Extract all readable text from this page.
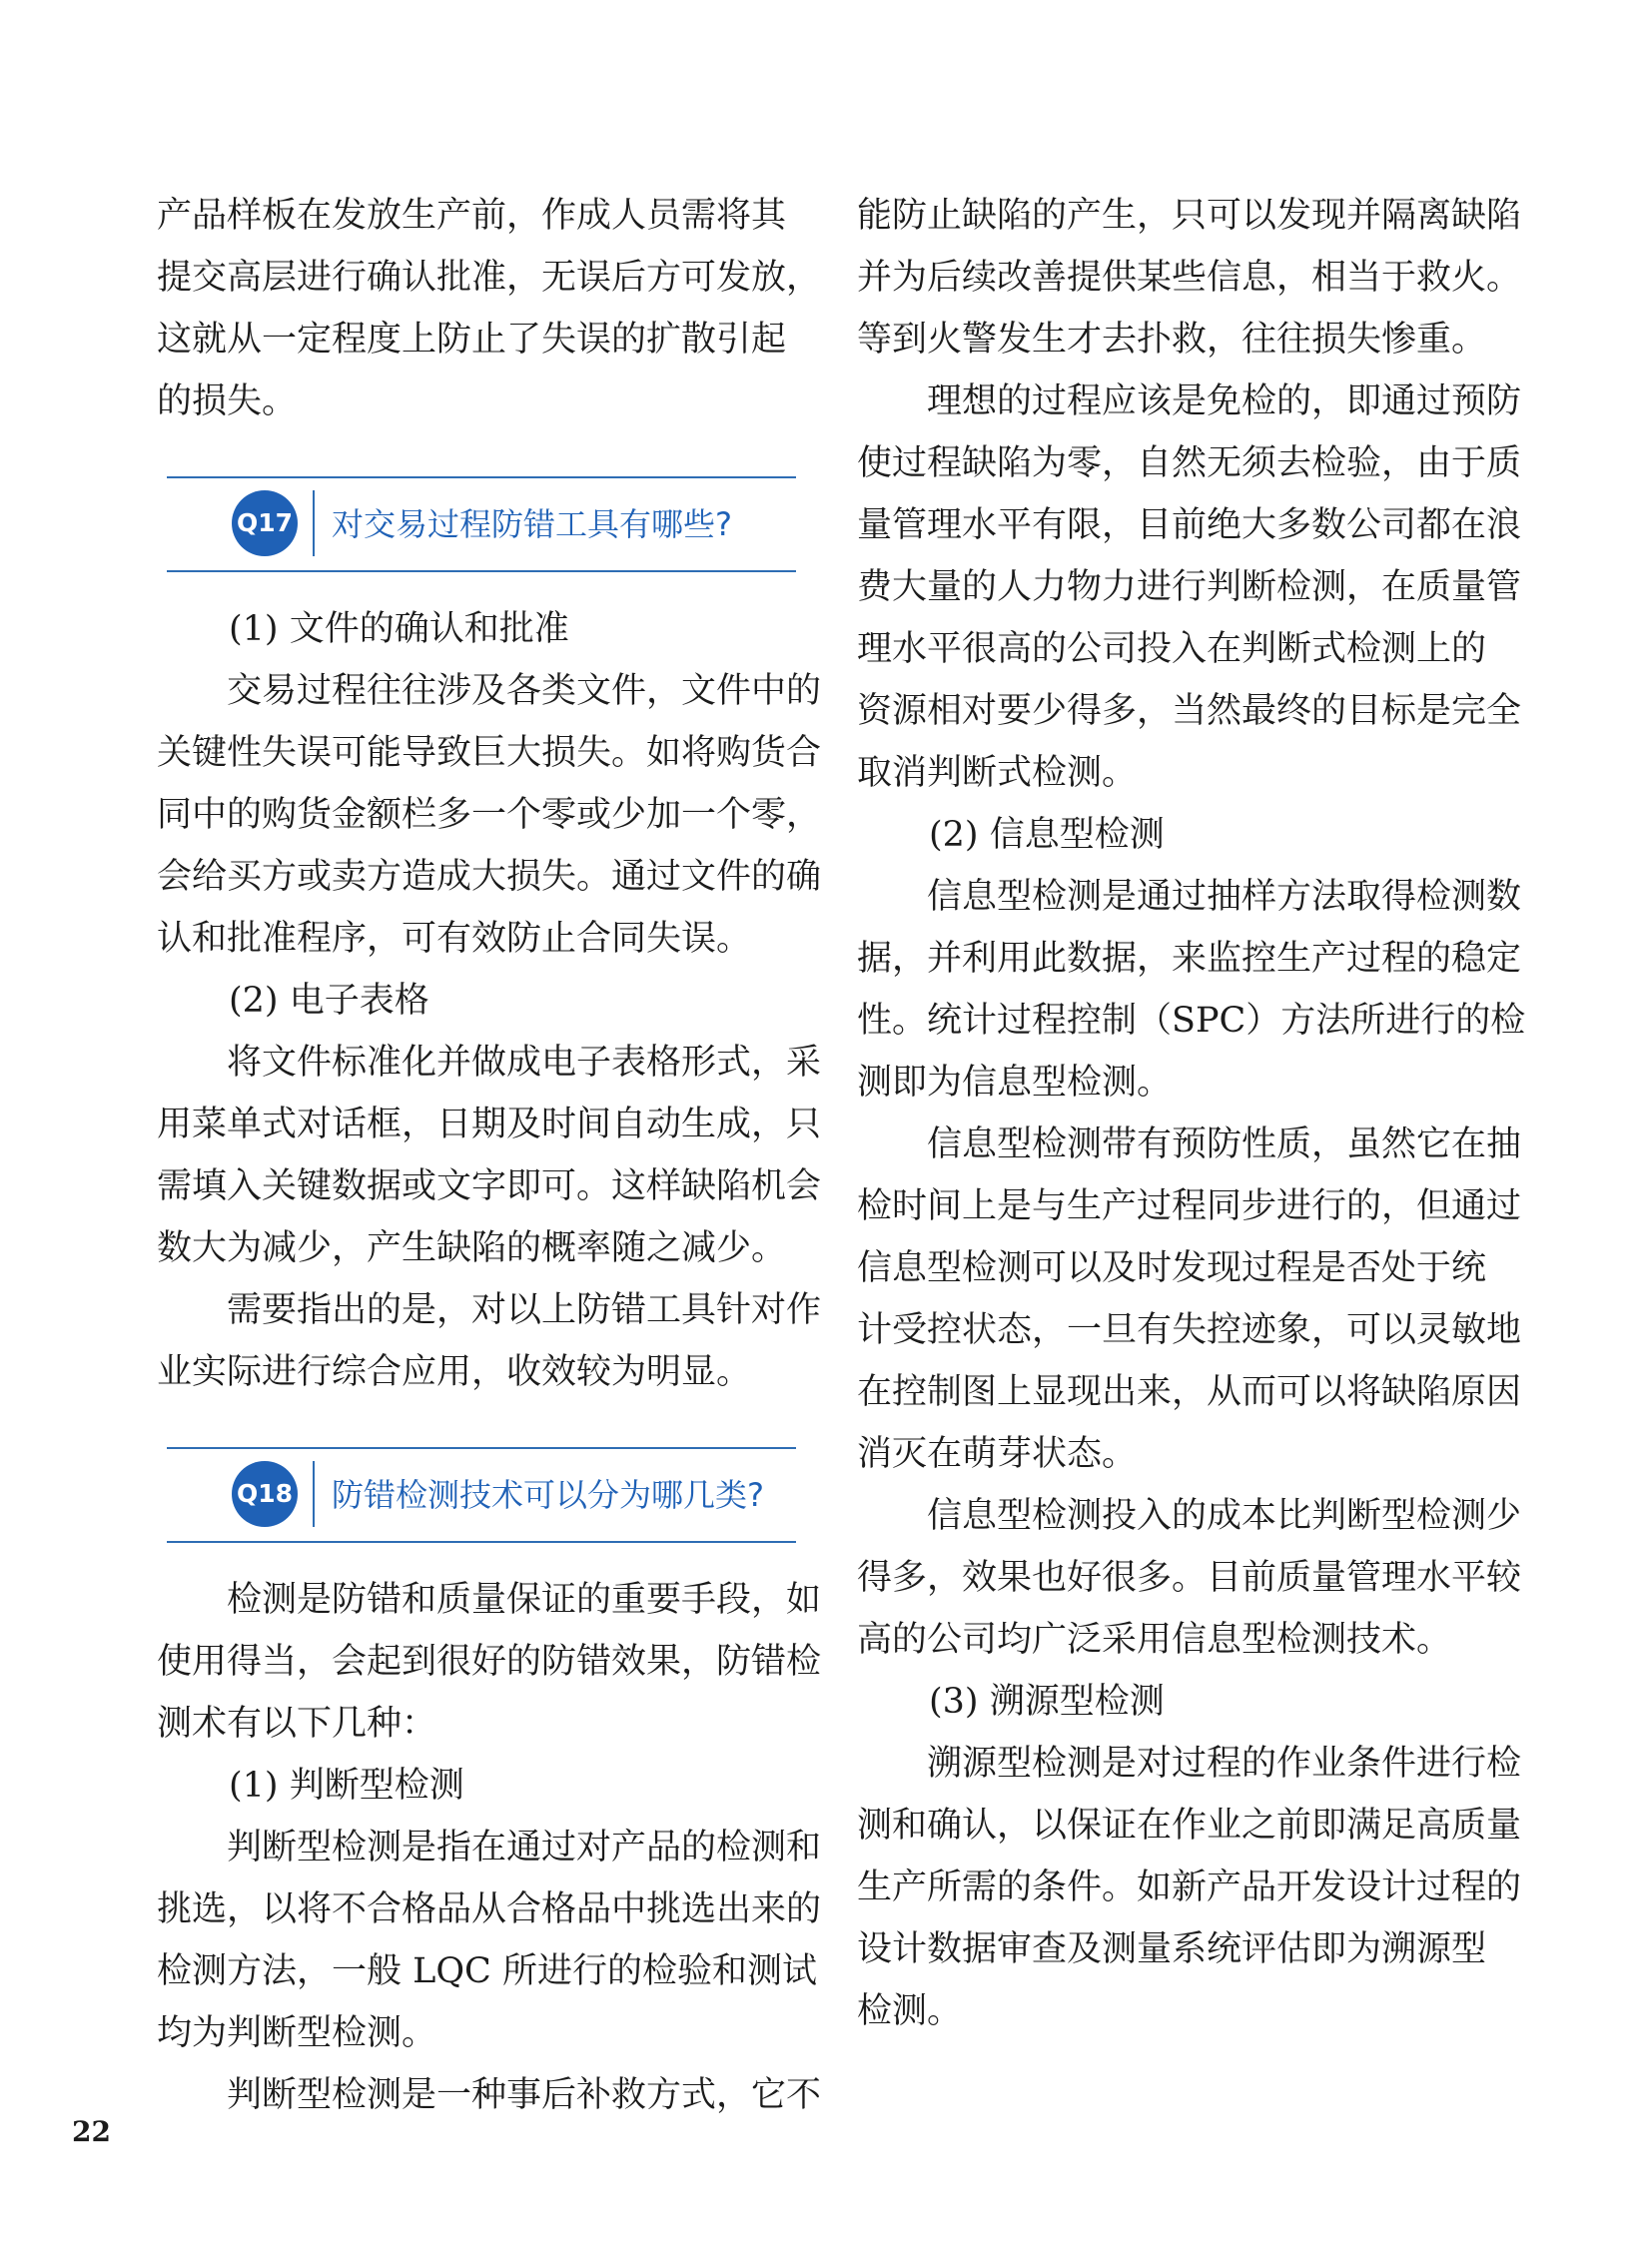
产品样板在发放生产前，作成人员需将其

提交高层进行确认批准，无误后方可发放，

这就从一定程度上防止了失误的扩散引起

的损失。

Q17 对交易过程防错工具有哪些?

(1) 文件的确认和批准

交易过程往往涉及各类文件，文件中的

关键性失误可能导致巨大损失。如将购货合

同中的购货金额栏多一个零或少加一个零，

会给买方或卖方造成大损失。通过文件的确

认和批准程序，可有效防止合同失误。

(2) 电子表格

将文件标准化并做成电子表格形式，采

用菜单式对话框，日期及时间自动生成，只

需填入关键数据或文字即可。这样缺陷机会

数大为减少，产生缺陷的概率随之减少。

需要指出的是，对以上防错工具针对作

业实际进行综合应用，收效较为明显。

Q18 防错检测技术可以分为哪几类?

检测是防错和质量保证的重要手段，如

使用得当，会起到很好的防错效果，防错检

测术有以下几种：

(1) 判断型检测

判断型检测是指在通过对产品的检测和

挑选，以将不合格品从合格品中挑选出来的

检测方法，一般 LQC 所进行的检验和测试

均为判断型检测。

判断型检测是一种事后补救方式，它不

能防止缺陷的产生，只可以发现并隔离缺陷

并为后续改善提供某些信息，相当于救火。

等到火警发生才去扑救，往往损失惨重。

理想的过程应该是免检的，即通过预防

使过程缺陷为零，自然无须去检验，由于质

量管理水平有限，目前绝大多数公司都在浪

费大量的人力物力进行判断检测，在质量管

理水平很高的公司投入在判断式检测上的

资源相对要少得多，当然最终的目标是完全

取消判断式检测。

(2) 信息型检测

信息型检测是通过抽样方法取得检测数

据，并利用此数据，来监控生产过程的稳定

性。统计过程控制（SPC）方法所进行的检

测即为信息型检测。

信息型检测带有预防性质，虽然它在抽

检时间上是与生产过程同步进行的，但通过

信息型检测可以及时发现过程是否处于统

计受控状态，一旦有失控迹象，可以灵敏地

在控制图上显现出来，从而可以将缺陷原因

消灭在萌芽状态。

信息型检测投入的成本比判断型检测少

得多，效果也好很多。目前质量管理水平较

高的公司均广泛采用信息型检测技术。

(3) 溯源型检测

溯源型检测是对过程的作业条件进行检

测和确认，以保证在作业之前即满足高质量

生产所需的条件。如新产品开发设计过程的

设计数据审查及测量系统评估即为溯源型

检测。

22
